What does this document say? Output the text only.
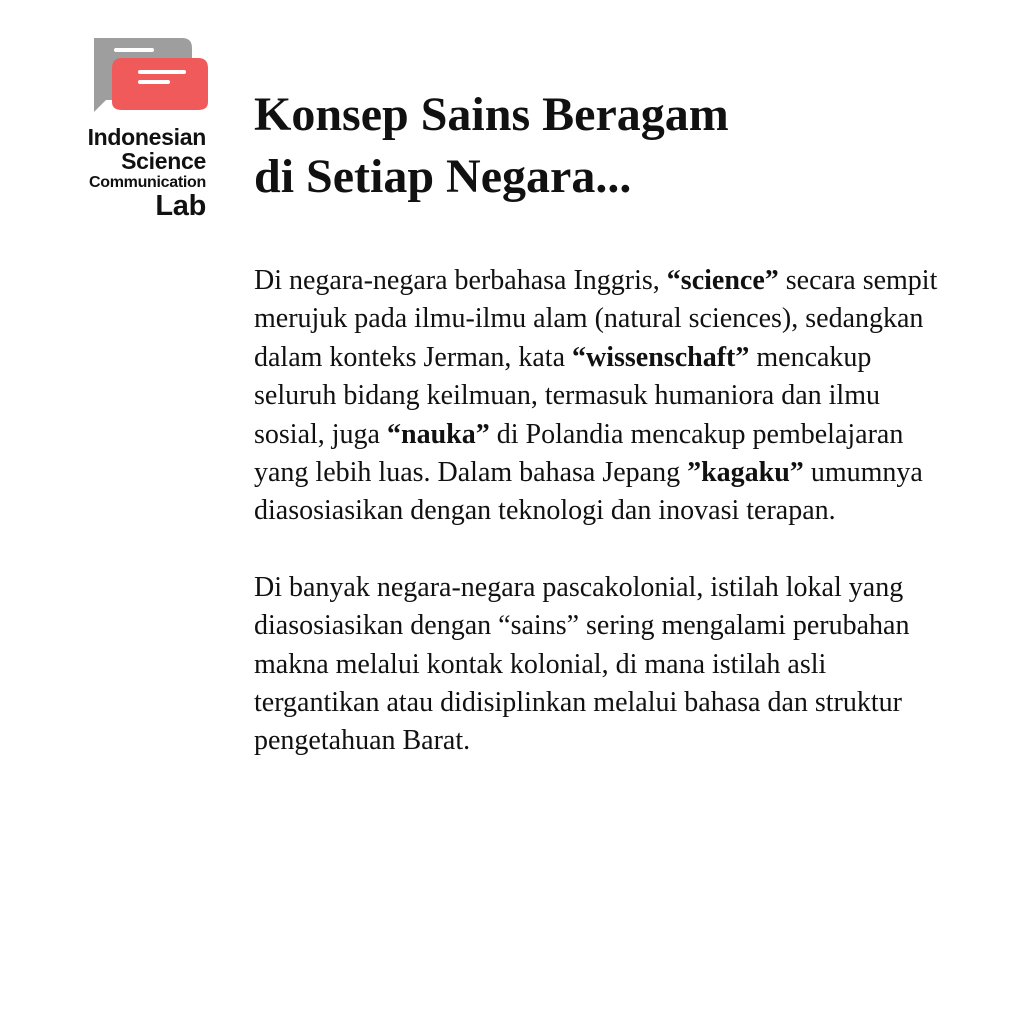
Indonesian
Science
Communication
Lab
Konsep Sains Beragam
di Setiap Negara...

Di negara-negara berbahasa Inggris, “science” secara sempit merujuk pada ilmu-ilmu alam (natural sciences), sedangkan dalam konteks Jerman, kata “wissenschaft” mencakup seluruh bidang keilmuan, termasuk humaniora dan ilmu sosial, juga “nauka” di Polandia mencakup pembelajaran yang lebih luas. Dalam bahasa Jepang ”kagaku” umumnya diasosiasikan dengan teknologi dan inovasi terapan.

Di banyak negara-negara pascakolonial, istilah lokal yang diasosiasikan dengan “sains” sering mengalami perubahan makna melalui kontak kolonial, di mana istilah asli tergantikan atau didisiplinkan melalui bahasa dan struktur pengetahuan Barat.
